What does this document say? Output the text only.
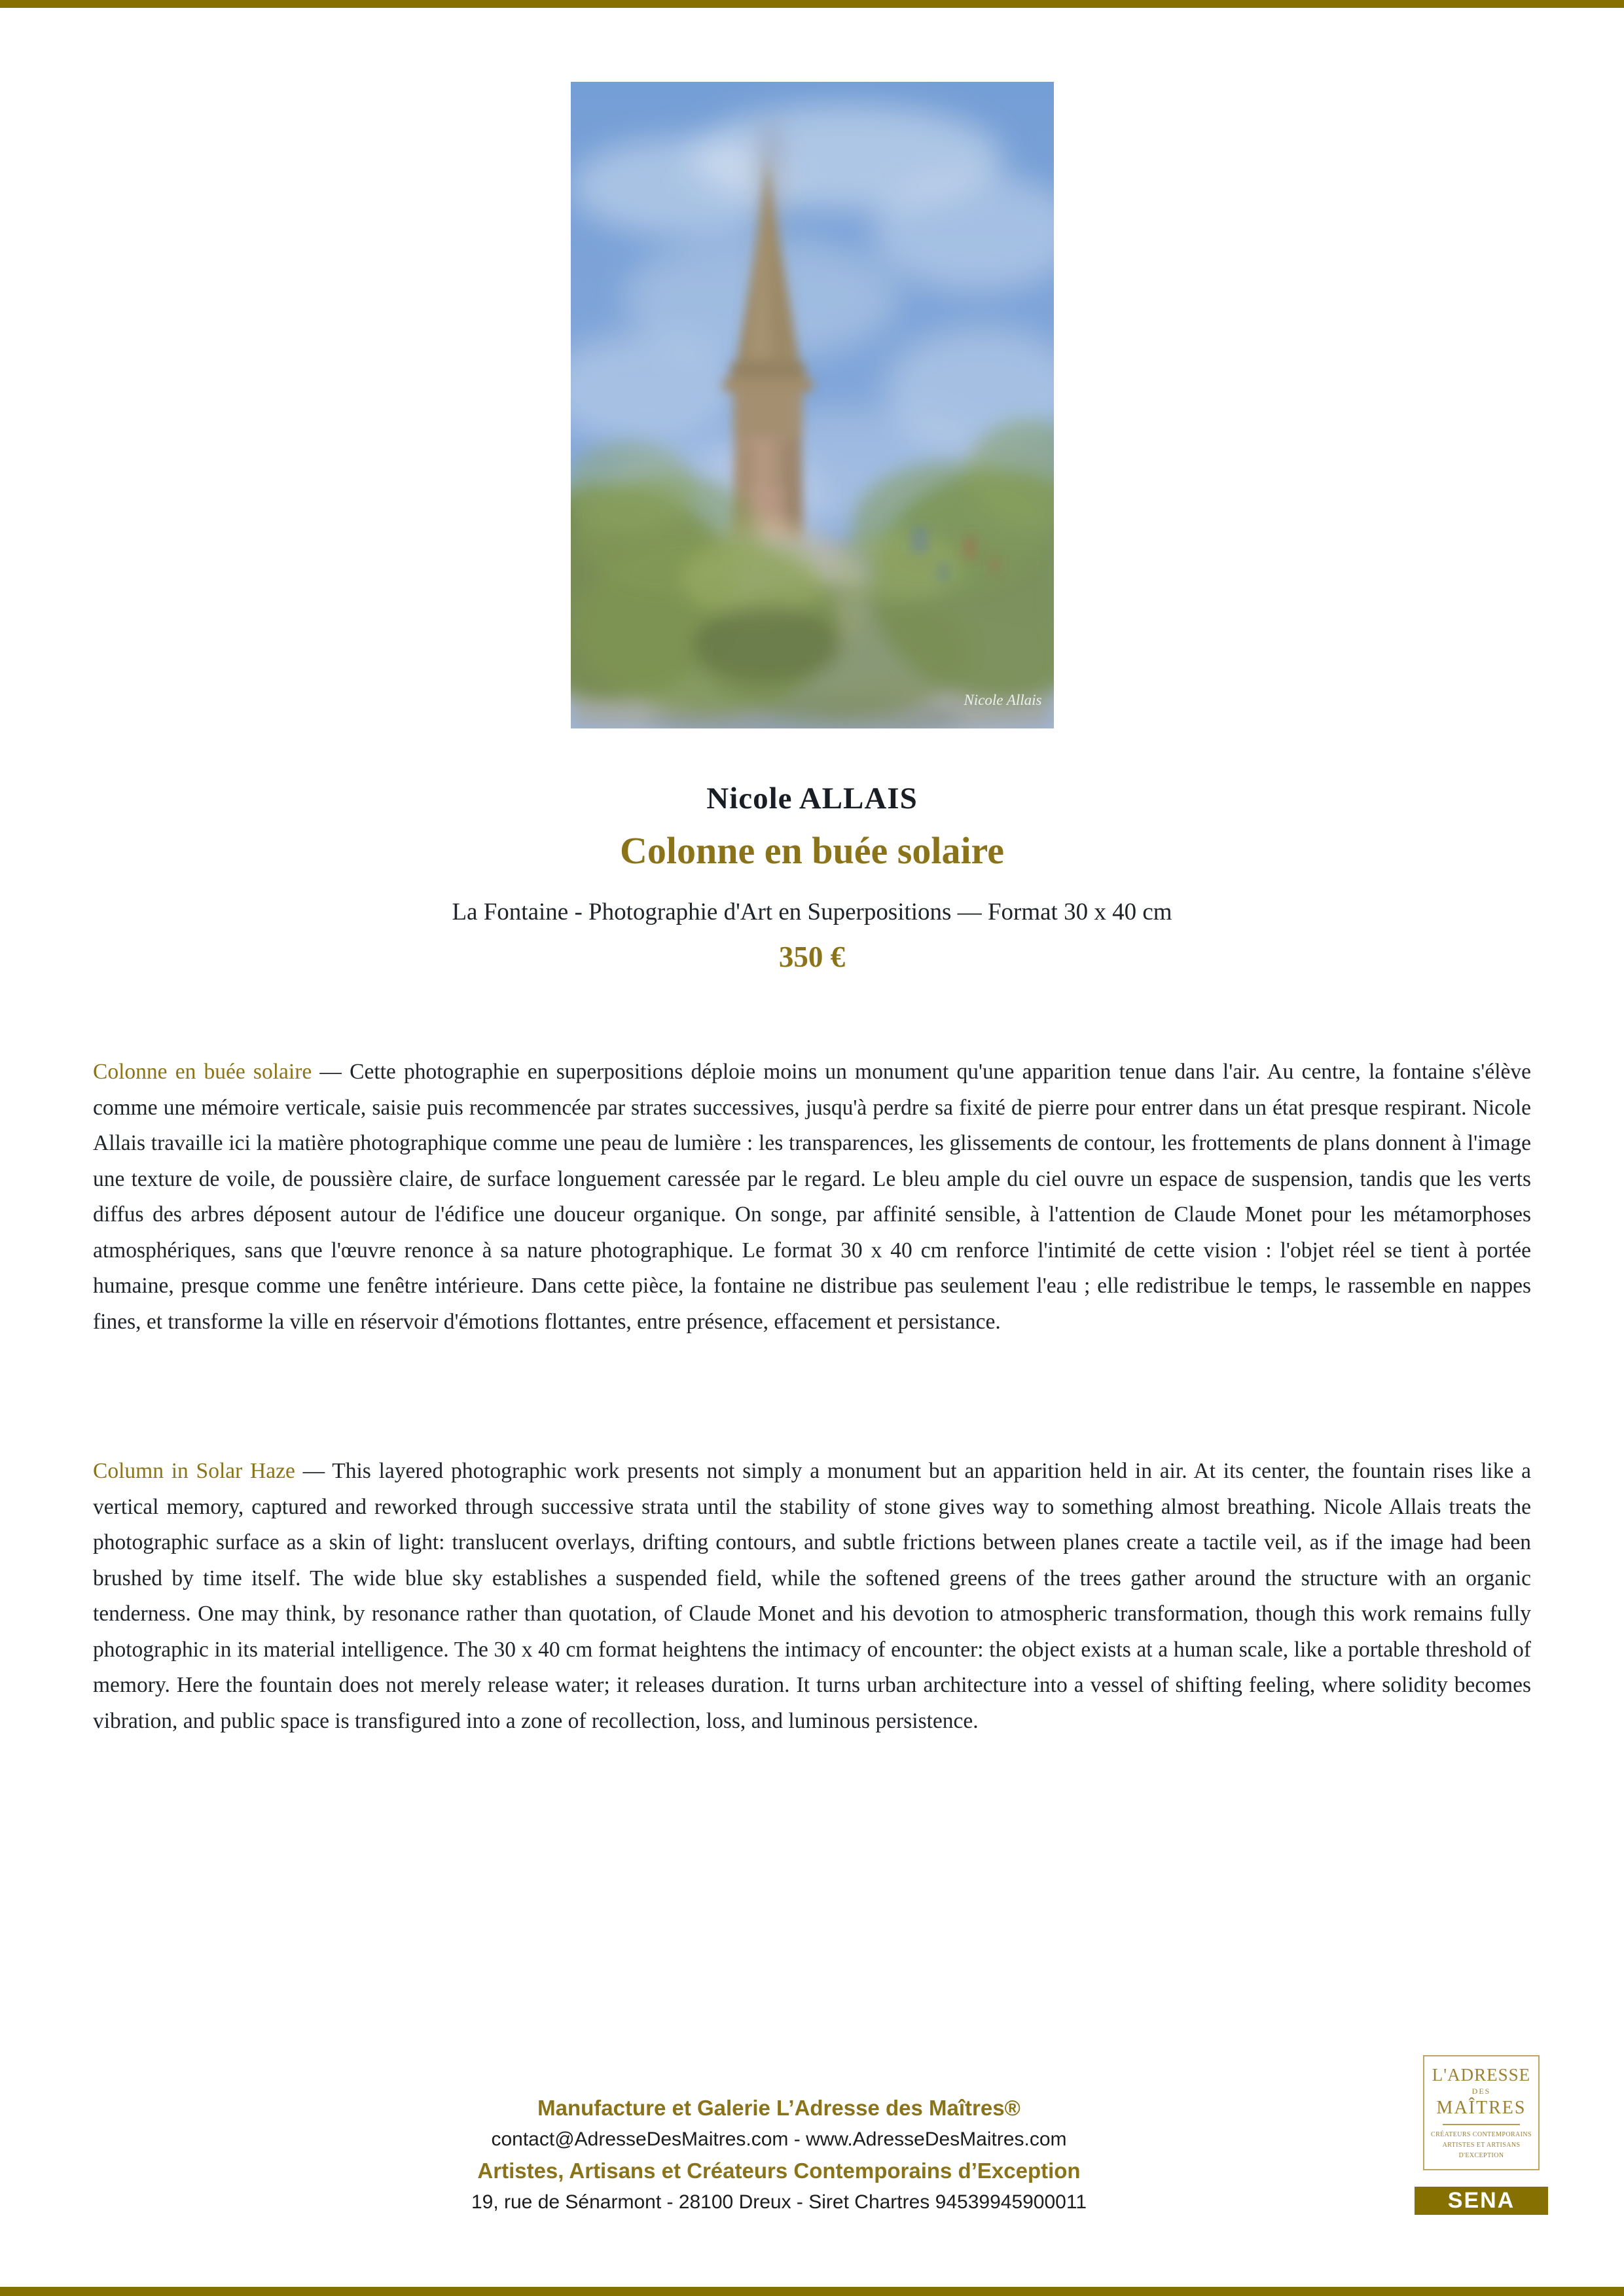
Nicole Allais
Nicole ALLAIS
Colonne en buée solaire
La Fontaine - Photographie d'Art en Superpositions — Format 30 x 40 cm
350 €

Colonne en buée solaire — Cette photographie en superpositions déploie moins un monument qu'une apparition tenue dans l'air. Au centre, la fontaine s'élève comme une mémoire verticale, saisie puis recommencée par strates successives, jusqu'à perdre sa fixité de pierre pour entrer dans un état presque respirant. Nicole Allais travaille ici la matière photographique comme une peau de lumière : les transparences, les glissements de contour, les frottements de plans donnent à l'image une texture de voile, de poussière claire, de surface longuement caressée par le regard. Le bleu ample du ciel ouvre un espace de suspension, tandis que les verts diffus des arbres déposent autour de l'édifice une douceur organique. On songe, par affinité sensible, à l'attention de Claude Monet pour les métamorphoses atmosphériques, sans que l'œuvre renonce à sa nature photographique. Le format 30 x 40 cm renforce l'intimité de cette vision : l'objet réel se tient à portée humaine, presque comme une fenêtre intérieure. Dans cette pièce, la fontaine ne distribue pas seulement l'eau ; elle redistribue le temps, le rassemble en nappes fines, et transforme la ville en réservoir d'émotions flottantes, entre présence, effacement et persistance.

Column in Solar Haze — This layered photographic work presents not simply a monument but an apparition held in air. At its center, the fountain rises like a vertical memory, captured and reworked through successive strata until the stability of stone gives way to something almost breathing. Nicole Allais treats the photographic surface as a skin of light: translucent overlays, drifting contours, and subtle frictions between planes create a tactile veil, as if the image had been brushed by time itself. The wide blue sky establishes a suspended field, while the softened greens of the trees gather around the structure with an organic tenderness. One may think, by resonance rather than quotation, of Claude Monet and his devotion to atmospheric transformation, though this work remains fully photographic in its material intelligence. The 30 x 40 cm format heightens the intimacy of encounter: the object exists at a human scale, like a portable threshold of memory. Here the fountain does not merely release water; it releases duration. It turns urban architecture into a vessel of shifting feeling, where solidity becomes vibration, and public space is transfigured into a zone of recollection, loss, and luminous persistence.

Manufacture et Galerie L’Adresse des Maîtres®
contact@AdresseDesMaitres.com - www.AdresseDesMaitres.com
Artistes, Artisans et Créateurs Contemporains d’Exception
19, rue de Sénarmont - 28100 Dreux - Siret Chartres 94539945900011
L'ADRESSE
DES
MAÎTRES
CRÉATEURS CONTEMPORAINS
ARTISTES ET ARTISANS
D'EXCEPTION
SENA
